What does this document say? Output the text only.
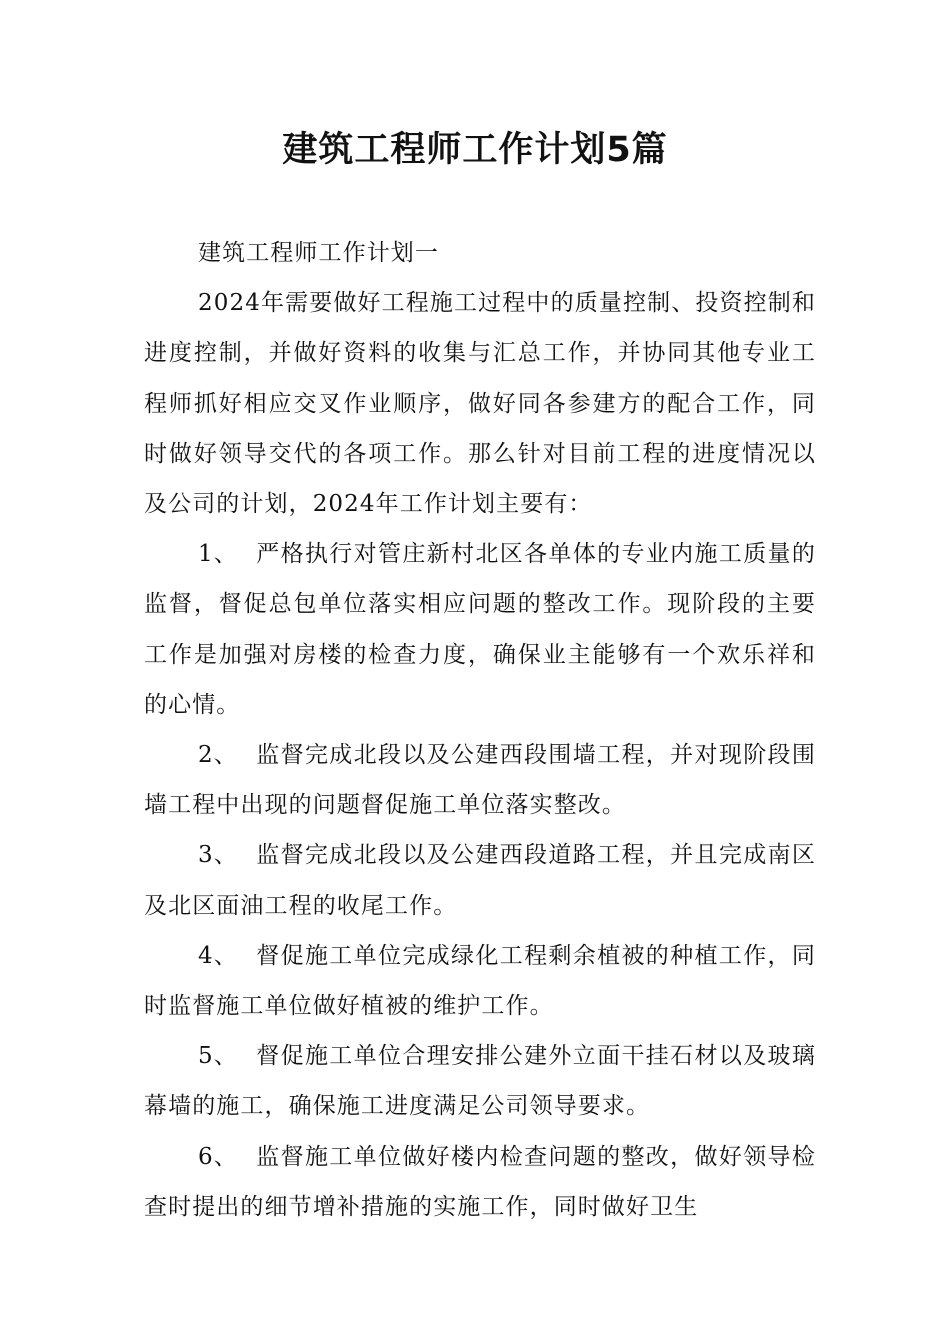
建筑工程师工作计划5篇

建筑工程师工作计划一

2024年需要做好工程施工过程中的质量控制、投资控制和进度控制，并做好资料的收集与汇总工作，并协同其他专业工程师抓好相应交叉作业顺序，做好同各参建方的配合工作，同时做好领导交代的各项工作。那么针对目前工程的进度情况以及公司的计划，2024年工作计划主要有：

1、 严格执行对管庄新村北区各单体的专业内施工质量的监督，督促总包单位落实相应问题的整改工作。现阶段的主要工作是加强对房楼的检查力度，确保业主能够有一个欢乐祥和的心情。

2、 监督完成北段以及公建西段围墙工程，并对现阶段围墙工程中出现的问题督促施工单位落实整改。

3、 监督完成北段以及公建西段道路工程，并且完成南区及北区面油工程的收尾工作。

4、 督促施工单位完成绿化工程剩余植被的种植工作，同时监督施工单位做好植被的维护工作。

5、 督促施工单位合理安排公建外立面干挂石材以及玻璃幕墙的施工，确保施工进度满足公司领导要求。

6、 监督施工单位做好楼内检查问题的整改，做好领导检查时提出的细节增补措施的实施工作，同时做好卫生
